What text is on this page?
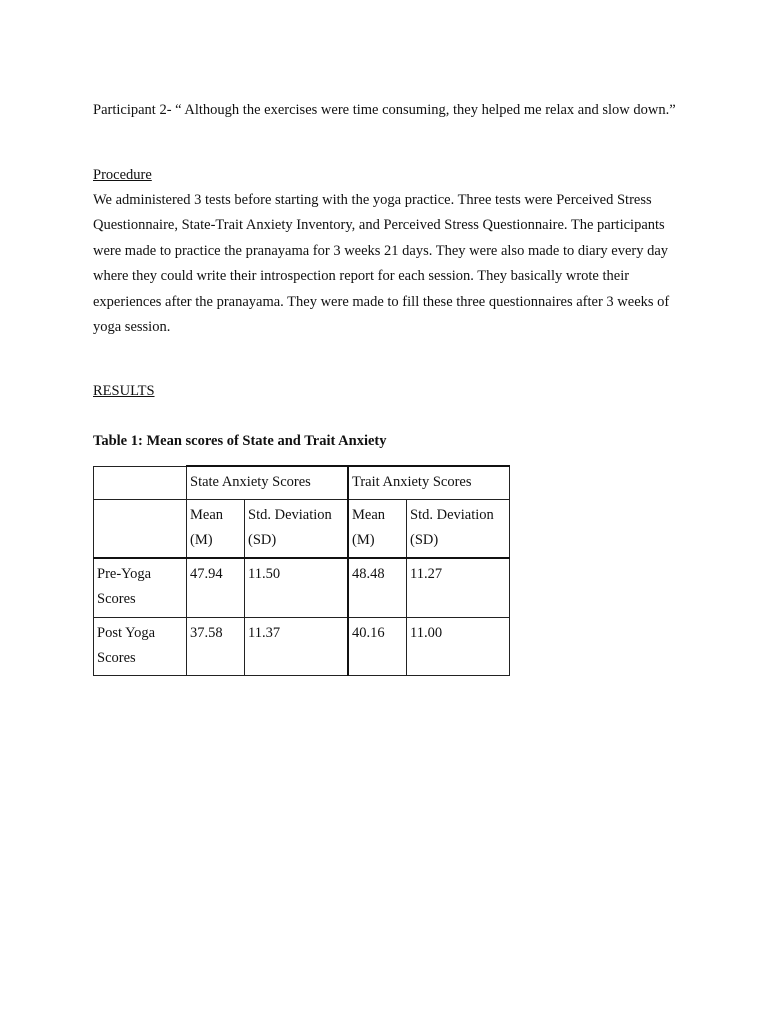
Participant 2- “ Although the exercises were time consuming, they helped me relax and slow down.”
Procedure
We administered 3 tests before starting with the yoga practice. Three tests were Perceived Stress Questionnaire, State-Trait Anxiety Inventory, and Perceived Stress Questionnaire. The participants were made to practice the pranayama for 3 weeks 21 days. They were also made to diary every day where they could write their introspection report for each session. They basically wrote their experiences after the pranayama. They were made to fill these three questionnaires after 3 weeks of yoga session.
RESULTS
Table 1: Mean scores of State and Trait Anxiety
	State Anxiety Scores		Trait Anxiety Scores	
	Mean (M)	Std. Deviation (SD)	Mean (M)	Std. Deviation (SD)
Pre-Yoga Scores	47.94	11.50	48.48	11.27
Post Yoga Scores	37.58	11.37	40.16	11.00
